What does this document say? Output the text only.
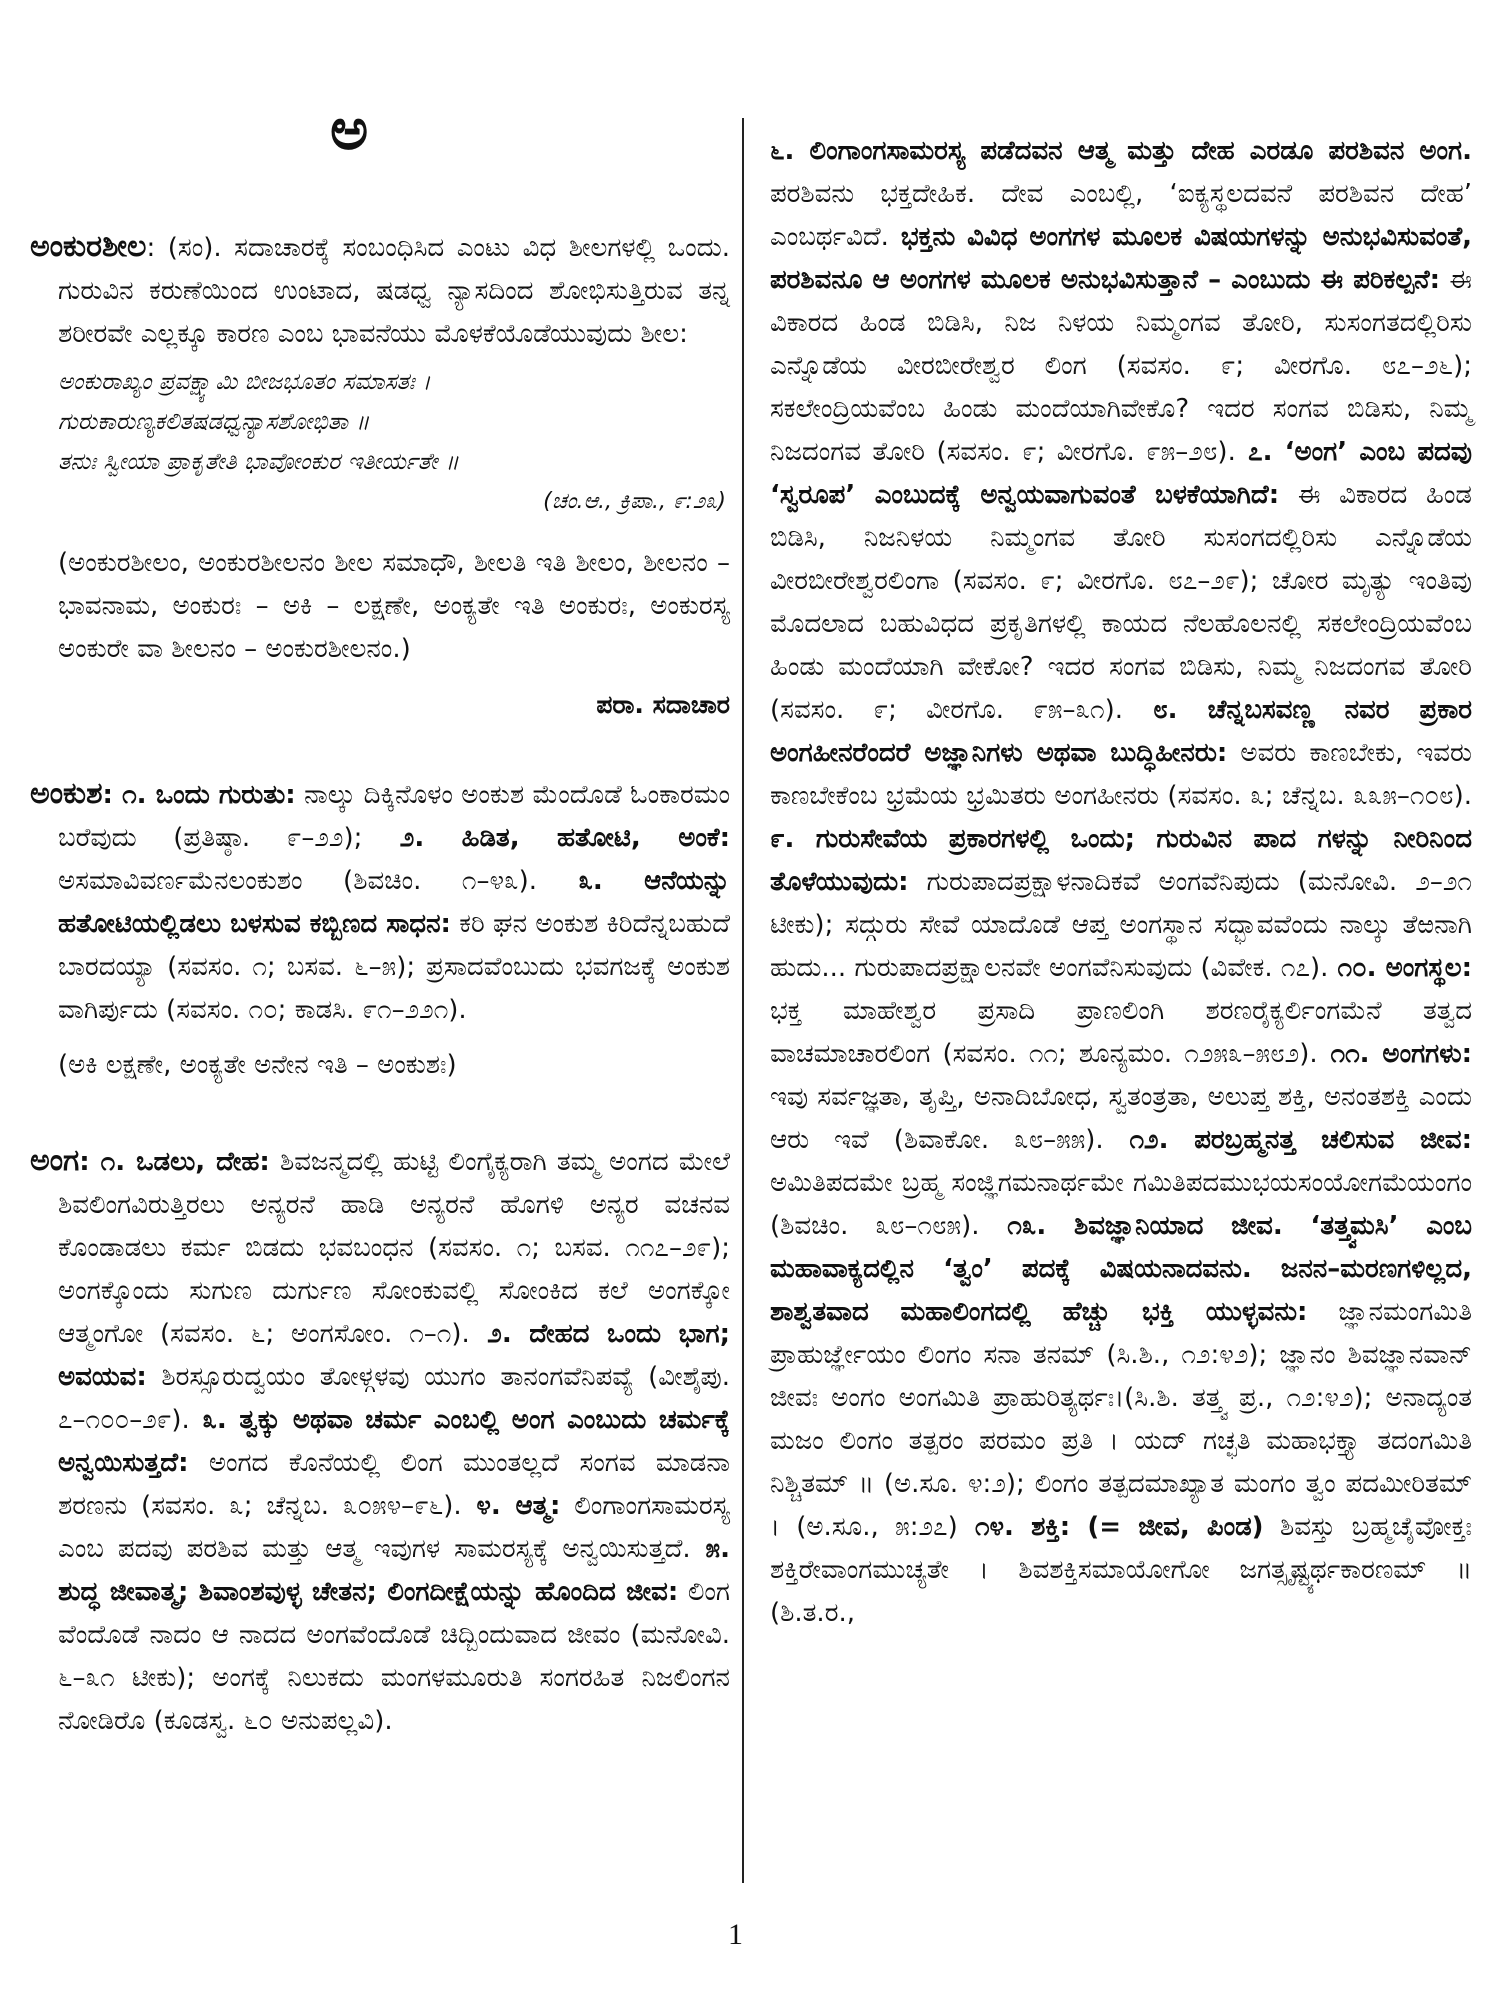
ಅ

ಅಂಕುರಶೀಲ: (ಸಂ). ಸದಾಚಾರಕ್ಕೆ ಸಂಬಂಧಿಸಿದ ಎಂಟು ವಿಧ ಶೀಲಗಳಲ್ಲಿ ಒಂದು. ಗುರುವಿನ ಕರುಣೆಯಿಂದ ಉಂಟಾದ, ಷಡಧ್ವ ನ್ಯಾಸದಿಂದ ಶೋಭಿಸುತ್ತಿರುವ ತನ್ನ ಶರೀರವೇ ಎಲ್ಲಕ್ಕೂ ಕಾರಣ ಎಂಬ ಭಾವನೆಯು ಮೊಳಕೆಯೊಡೆಯುವುದು ಶೀಲ:

ಅಂಕುರಾಖ್ಯಂ ಪ್ರವಕ್ಷ್ಯಾಮಿ ಬೀಜಭೂತಂ ಸಮಾಸತಃ ।
ಗುರುಕಾರುಣ್ಯಕಲಿತಷಡಧ್ವನ್ಯಾಸಶೋಭಿತಾ ॥
ತನುಃ ಸ್ವೀಯಾ ಪ್ರಾಕೃತೇತಿ ಭಾವೋಂಕುರ ಇತೀರ್ಯತೇ ॥
(ಚಂ.ಆ., ಕ್ರಿಪಾ., ೯:೨೩)

(ಅಂಕುರಶೀಲಂ, ಅಂಕುರಶೀಲನಂ ಶೀಲ ಸಮಾಧೌ, ಶೀಲತಿ ಇತಿ ಶೀಲಂ, ಶೀಲನಂ – ಭಾವನಾಮ, ಅಂಕುರಃ – ಅಕಿ – ಲಕ್ಷಣೇ, ಅಂಕ್ಯತೇ ಇತಿ ಅಂಕುರಃ, ಅಂಕುರಸ್ಯ ಅಂಕುರೇ ವಾ ಶೀಲನಂ – ಅಂಕುರಶೀಲನಂ.)

ಪರಾ. ಸದಾಚಾರ

ಅಂಕುಶ: ೧. ಒಂದು ಗುರುತು: ನಾಲ್ಕು ದಿಕ್ಕಿನೊಳಂ ಅಂಕುಶ ಮೆಂದೊಡೆ ಓಂಕಾರಮಂ ಬರೆವುದು (ಪ್ರತಿಷ್ಠಾ. ೯–೨೨); ೨. ಹಿಡಿತ, ಹತೋಟಿ, ಅಂಕೆ: ಅಸಮಾವಿವರ್ಣಮೆನಲಂಕುಶಂ (ಶಿವಚಿಂ. ೧–೪೩). ೩. ಆನೆಯನ್ನು ಹತೋಟಿಯಲ್ಲಿಡಲು ಬಳಸುವ ಕಬ್ಬಿಣದ ಸಾಧನ: ಕರಿ ಘನ ಅಂಕುಶ ಕಿರಿದೆನ್ನಬಹುದೆ ಬಾರದಯ್ಯಾ (ಸವಸಂ. ೧; ಬಸವ. ೬–೫); ಪ್ರಸಾದವೆಂಬುದು ಭವಗಜಕ್ಕೆ ಅಂಕುಶ ವಾಗಿರ್ಪುದು (ಸವಸಂ. ೧೦; ಕಾಡಸಿ. ೯೧–೨೨೧).

(ಅಕಿ ಲಕ್ಷಣೇ, ಅಂಕ್ಯತೇ ಅನೇನ ಇತಿ – ಅಂಕುಶಃ)

ಅಂಗ: ೧. ಒಡಲು, ದೇಹ: ಶಿವಜನ್ಮದಲ್ಲಿ ಹುಟ್ಟಿ ಲಿಂಗೈಕ್ಯರಾಗಿ ತಮ್ಮ ಅಂಗದ ಮೇಲೆ ಶಿವಲಿಂಗವಿರುತ್ತಿರಲು ಅನ್ಯರನೆ ಹಾಡಿ ಅನ್ಯರನೆ ಹೊಗಳಿ ಅನ್ಯರ ವಚನವ ಕೊಂಡಾಡಲು ಕರ್ಮ ಬಿಡದು ಭವಬಂಧನ (ಸವಸಂ. ೧; ಬಸವ. ೧೧೭–೨೯); ಅಂಗಕ್ಕೊಂದು ಸುಗುಣ ದುರ್ಗುಣ ಸೋಂಕುವಲ್ಲಿ ಸೋಂಕಿದ ಕಲೆ ಅಂಗಕ್ಕೋ ಆತ್ಮಂಗೋ (ಸವಸಂ. ೬; ಅಂಗಸೋಂ. ೧–೧). ೨. ದೇಹದ ಒಂದು ಭಾಗ; ಅವಯವ: ಶಿರಸ್ಸೂರುದ್ವಯಂ ತೋಳ್ಗಳವು ಯುಗಂ ತಾನಂಗವೆನಿಪವ್ಯೆ (ವೀಶೈಪು. ೭–೧೦೦–೨೯). ೩. ತ್ವಕ್ಕು ಅಥವಾ ಚರ್ಮ ಎಂಬಲ್ಲಿ ಅಂಗ ಎಂಬುದು ಚರ್ಮಕ್ಕೆ ಅನ್ವಯಿಸುತ್ತದೆ: ಅಂಗದ ಕೊನೆಯಲ್ಲಿ ಲಿಂಗ ಮುಂತಲ್ಲದೆ ಸಂಗವ ಮಾಡನಾ ಶರಣನು (ಸವಸಂ. ೩; ಚೆನ್ನಬ. ೩೦೫೪–೯೬). ೪. ಆತ್ಮ: ಲಿಂಗಾಂಗಸಾಮರಸ್ಯ ಎಂಬ ಪದವು ಪರಶಿವ ಮತ್ತು ಆತ್ಮ ಇವುಗಳ ಸಾಮರಸ್ಯಕ್ಕೆ ಅನ್ವಯಿಸುತ್ತದೆ. ೫. ಶುದ್ಧ ಜೀವಾತ್ಮ; ಶಿವಾಂಶವುಳ್ಳ ಚೇತನ; ಲಿಂಗದೀಕ್ಷೆಯನ್ನು ಹೊಂದಿದ ಜೀವ: ಲಿಂಗ ವೆಂದೊಡೆ ನಾದಂ ಆ ನಾದದ ಅಂಗವೆಂದೊಡೆ ಚಿದ್ಬಿಂದುವಾದ ಜೀವಂ (ಮನೋವಿ. ೬–೩೧ ಟೀಕು); ಅಂಗಕ್ಕೆ ನಿಲುಕದು ಮಂಗಳಮೂರುತಿ ಸಂಗರಹಿತ ನಿಜಲಿಂಗನ ನೋಡಿರೊ (ಕೂಡಸ್ವ. ೬೦ ಅನುಪಲ್ಲವಿ).

೬. ಲಿಂಗಾಂಗಸಾಮರಸ್ಯ ಪಡೆದವನ ಆತ್ಮ ಮತ್ತು ದೇಹ ಎರಡೂ ಪರಶಿವನ ಅಂಗ. ಪರಶಿವನು ಭಕ್ತದೇಹಿಕ. ದೇವ ಎಂಬಲ್ಲಿ, ‘ಐಕ್ಯಸ್ಥಲದವನೆ ಪರಶಿವನ ದೇಹ’ ಎಂಬರ್ಥವಿದೆ. ಭಕ್ತನು ವಿವಿಧ ಅಂಗಗಳ ಮೂಲಕ ವಿಷಯಗಳನ್ನು ಅನುಭವಿಸುವಂತೆ, ಪರಶಿವನೂ ಆ ಅಂಗಗಳ ಮೂಲಕ ಅನುಭವಿಸುತ್ತಾನೆ – ಎಂಬುದು ಈ ಪರಿಕಲ್ಪನೆ: ಈ ವಿಕಾರದ ಹಿಂಡ ಬಿಡಿಸಿ, ನಿಜ ನಿಳಯ ನಿಮ್ಮಂಗವ ತೋರಿ, ಸುಸಂಗತದಲ್ಲಿರಿಸು ಎನ್ನೊಡೆಯ ವೀರಬೀರೇಶ್ವರ ಲಿಂಗ (ಸವಸಂ. ೯; ವೀರಗೊ. ೮೭–೨೬); ಸಕಲೇಂದ್ರಿಯವೆಂಬ ಹಿಂಡು ಮಂದೆಯಾಗಿವೇಕೊ? ಇದರ ಸಂಗವ ಬಿಡಿಸು, ನಿಮ್ಮ ನಿಜದಂಗವ ತೋರಿ (ಸವಸಂ. ೯; ವೀರಗೊ. ೯೫–೨೮). ೭. ‘ಅಂಗ’ ಎಂಬ ಪದವು ‘ಸ್ವರೂಪ’ ಎಂಬುದಕ್ಕೆ ಅನ್ವಯವಾಗುವಂತೆ ಬಳಕೆಯಾಗಿದೆ: ಈ ವಿಕಾರದ ಹಿಂಡ ಬಿಡಿಸಿ, ನಿಜನಿಳಯ ನಿಮ್ಮಂಗವ ತೋರಿ ಸುಸಂಗದಲ್ಲಿರಿಸು ಎನ್ನೊಡೆಯ ವೀರಬೀರೇಶ್ವರಲಿಂಗಾ (ಸವಸಂ. ೯; ವೀರಗೊ. ೮೭–೨೯); ಚೋರ ಮೃತ್ಯು ಇಂತಿವು ಮೊದಲಾದ ಬಹುವಿಧದ ಪ್ರಕೃತಿಗಳಲ್ಲಿ ಕಾಯದ ನೆಲಹೊಲನಲ್ಲಿ ಸಕಲೇಂದ್ರಿಯವೆಂಬ ಹಿಂಡು ಮಂದೆಯಾಗಿ ವೇಕೋ? ಇದರ ಸಂಗವ ಬಿಡಿಸು, ನಿಮ್ಮ ನಿಜದಂಗವ ತೋರಿ (ಸವಸಂ. ೯; ವೀರಗೊ. ೯೫–೩೧). ೮. ಚೆನ್ನಬಸವಣ್ಣ ನವರ ಪ್ರಕಾರ ಅಂಗಹೀನರೆಂದರೆ ಅಜ್ಞಾನಿಗಳು ಅಥವಾ ಬುದ್ಧಿಹೀನರು: ಅವರು ಕಾಣಬೇಕು, ಇವರು ಕಾಣಬೇಕೆಂಬ ಭ್ರಮೆಯ ಭ್ರಮಿತರು ಅಂಗಹೀನರು (ಸವಸಂ. ೩; ಚೆನ್ನಬ. ೩೩೫–೧೦೮). ೯. ಗುರುಸೇವೆಯ ಪ್ರಕಾರಗಳಲ್ಲಿ ಒಂದು; ಗುರುವಿನ ಪಾದ ಗಳನ್ನು ನೀರಿನಿಂದ ತೊಳೆಯುವುದು: ಗುರುಪಾದಪ್ರಕ್ಷಾಳನಾದಿಕವೆ ಅಂಗವೆನಿಪುದು (ಮನೋವಿ. ೨–೨೧ ಟೀಕು); ಸದ್ಗುರು ಸೇವೆ ಯಾದೊಡೆ ಆಪ್ತ ಅಂಗಸ್ಥಾನ ಸದ್ಭಾವವೆಂದು ನಾಲ್ಕು ತೆಱನಾಗಿ ಹುದು... ಗುರುಪಾದಪ್ರಕ್ಷಾಲನವೇ ಅಂಗವೆನಿಸುವುದು (ವಿವೇಕ. ೧೭). ೧೦. ಅಂಗಸ್ಥಲ: ಭಕ್ತ ಮಾಹೇಶ್ವರ ಪ್ರಸಾದಿ ಪ್ರಾಣಲಿಂಗಿ ಶರಣರೈಕ್ಯರ್ಲಿಂಗಮೆನೆ ತತ್ವದ ವಾಚಮಾಚಾರಲಿಂಗ (ಸವಸಂ. ೧೧; ಶೂನ್ಯಮಂ. ೧೨೫೩–೫೮೨). ೧೧. ಅಂಗಗಳು: ಇವು ಸರ್ವಜ್ಞತಾ, ತೃಪ್ತಿ, ಅನಾದಿಬೋಧ, ಸ್ವತಂತ್ರತಾ, ಅಲುಪ್ತ ಶಕ್ತಿ, ಅನಂತಶಕ್ತಿ ಎಂದು ಆರು ಇವೆ (ಶಿವಾಕೋ. ೩೮–೫೫). ೧೨. ಪರಬ್ರಹ್ಮನತ್ತ ಚಲಿಸುವ ಜೀವ: ಅಮಿತಿಪದಮೇ ಬ್ರಹ್ಮ ಸಂಜ್ಞಿಗಮನಾರ್ಥಮೇ ಗಮಿತಿಪದಮುಭಯಸಂಯೋಗಮೆಯಂಗಂ (ಶಿವಚಿಂ. ೩೮–೧೮೫). ೧೩. ಶಿವಜ್ಞಾನಿಯಾದ ಜೀವ. ‘ತತ್ತ್ವಮಸಿ’ ಎಂಬ ಮಹಾವಾಕ್ಯದಲ್ಲಿನ ‘ತ್ವಂ’ ಪದಕ್ಕೆ ವಿಷಯನಾದವನು. ಜನನ–ಮರಣಗಳಿಲ್ಲದ, ಶಾಶ್ವತವಾದ ಮಹಾಲಿಂಗದಲ್ಲಿ ಹೆಚ್ಚು ಭಕ್ತಿ ಯುಳ್ಳವನು: ಜ್ಞಾನಮಂಗಮಿತಿ ಪ್ರಾಹುರ್ಜ್ಞೇಯಂ ಲಿಂಗಂ ಸನಾ ತನಮ್ (ಸಿ.ಶಿ., ೧೨:೪೨); ಜ್ಞಾನಂ ಶಿವಜ್ಞಾನವಾನ್ ಜೀವಃ ಅಂಗಂ ಅಂಗಮಿತಿ ಪ್ರಾಹುರಿತ್ಯರ್ಥಃ।(ಸಿ.ಶಿ. ತತ್ತ್ವ ಪ್ರ., ೧೨:೪೨); ಅನಾದ್ಯಂತ ಮಜಂ ಲಿಂಗಂ ತತ್ಪರಂ ಪರಮಂ ಪ್ರತಿ । ಯದ್ ಗಚ್ಛತಿ ಮಹಾಭಕ್ತ್ಯಾ ತದಂಗಮಿತಿ ನಿಶ್ಚಿತಮ್ ॥ (ಅ.ಸೂ. ೪:೨); ಲಿಂಗಂ ತತ್ಪದಮಾಖ್ಯಾತ ಮಂಗಂ ತ್ವಂ ಪದಮೀರಿತಮ್ । (ಅ.ಸೂ., ೫:೨೭) ೧೪. ಶಕ್ತಿ: (= ಜೀವ, ಪಿಂಡ) ಶಿವಸ್ತು ಬ್ರಹ್ಮಚೈವೋಕ್ತಃ ಶಕ್ತಿರೇವಾಂಗಮುಚ್ಯತೇ । ಶಿವಶಕ್ತಿಸಮಾಯೋಗೋ ಜಗತ್ಸೃಷ್ಟ್ಯರ್ಥಕಾರಣಮ್ ॥ (ಶಿ.ತ.ರ.,

1
